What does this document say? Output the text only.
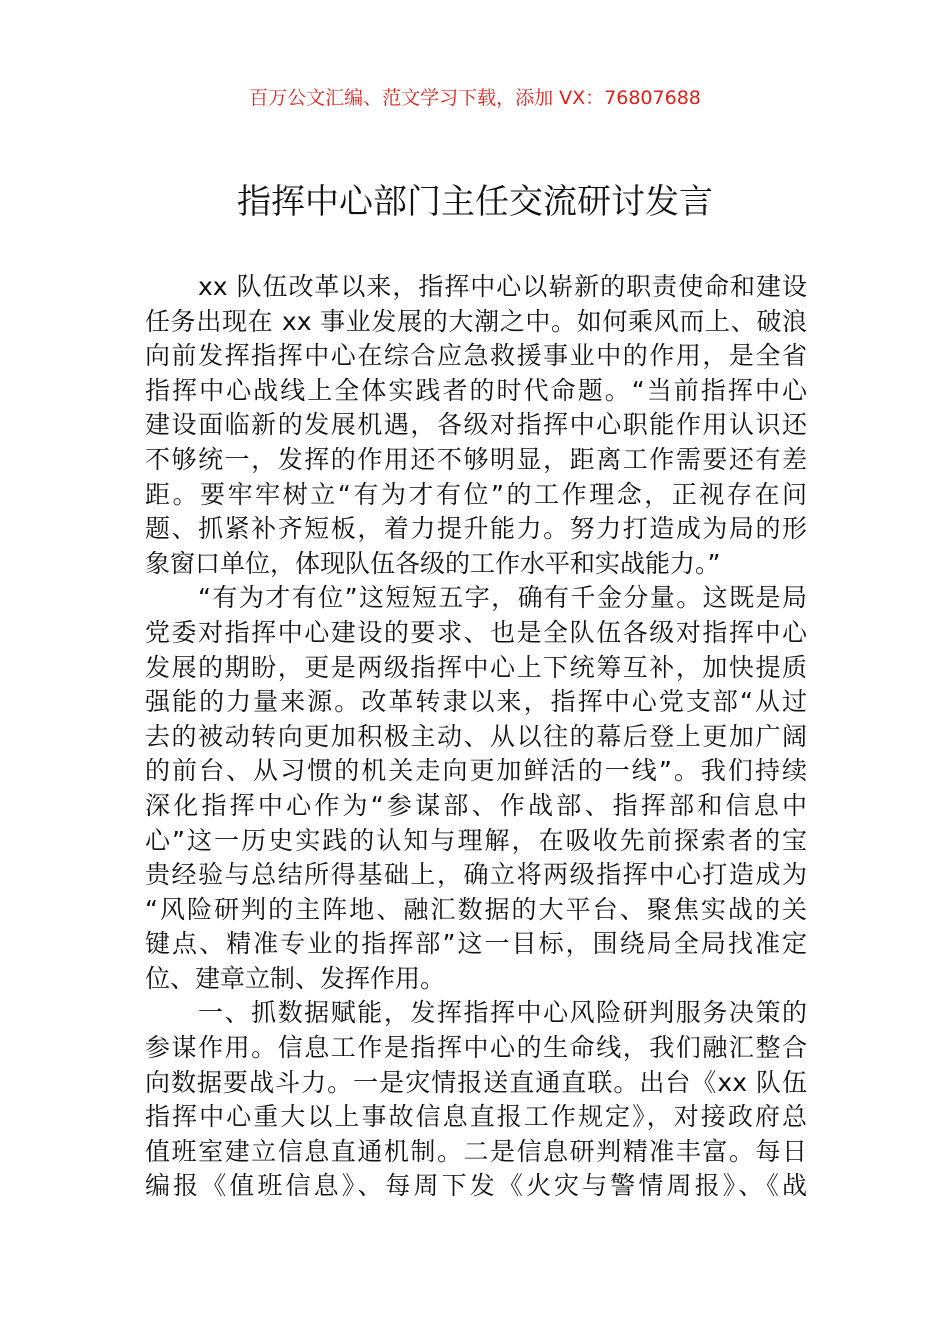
百万公文汇编、范文学习下载，添加 VX：76807688
指挥中心部门主任交流研讨发言
xx 队伍改革以来，指挥中心以崭新的职责使命和建设
任务出现在 xx 事业发展的大潮之中。如何乘风而上、破浪
向前发挥指挥中心在综合应急救援事业中的作用，是全省
指挥中心战线上全体实践者的时代命题。“当前指挥中心
建设面临新的发展机遇，各级对指挥中心职能作用认识还
不够统一，发挥的作用还不够明显，距离工作需要还有差
距。要牢牢树立“有为才有位”的工作理念，正视存在问
题、抓紧补齐短板，着力提升能力。努力打造成为局的形
象窗口单位，体现队伍各级的工作水平和实战能力。”
“有为才有位”这短短五字，确有千金分量。这既是局
党委对指挥中心建设的要求、也是全队伍各级对指挥中心
发展的期盼，更是两级指挥中心上下统筹互补，加快提质
强能的力量来源。改革转隶以来，指挥中心党支部“从过
去的被动转向更加积极主动、从以往的幕后登上更加广阔
的前台、从习惯的机关走向更加鲜活的一线”。我们持续
深化指挥中心作为“参谋部、作战部、指挥部和信息中
心”这一历史实践的认知与理解，在吸收先前探索者的宝
贵经验与总结所得基础上，确立将两级指挥中心打造成为
“风险研判的主阵地、融汇数据的大平台、聚焦实战的关
键点、精准专业的指挥部”这一目标，围绕局全局找准定
位、建章立制、发挥作用。
一、抓数据赋能，发挥指挥中心风险研判服务决策的
参谋作用。信息工作是指挥中心的生命线，我们融汇整合
向数据要战斗力。一是灾情报送直通直联。出台《xx 队伍
指挥中心重大以上事故信息直报工作规定》，对接政府总
值班室建立信息直通机制。二是信息研判精准丰富。每日
编报《值班信息》、每周下发《火灾与警情周报》、《战
